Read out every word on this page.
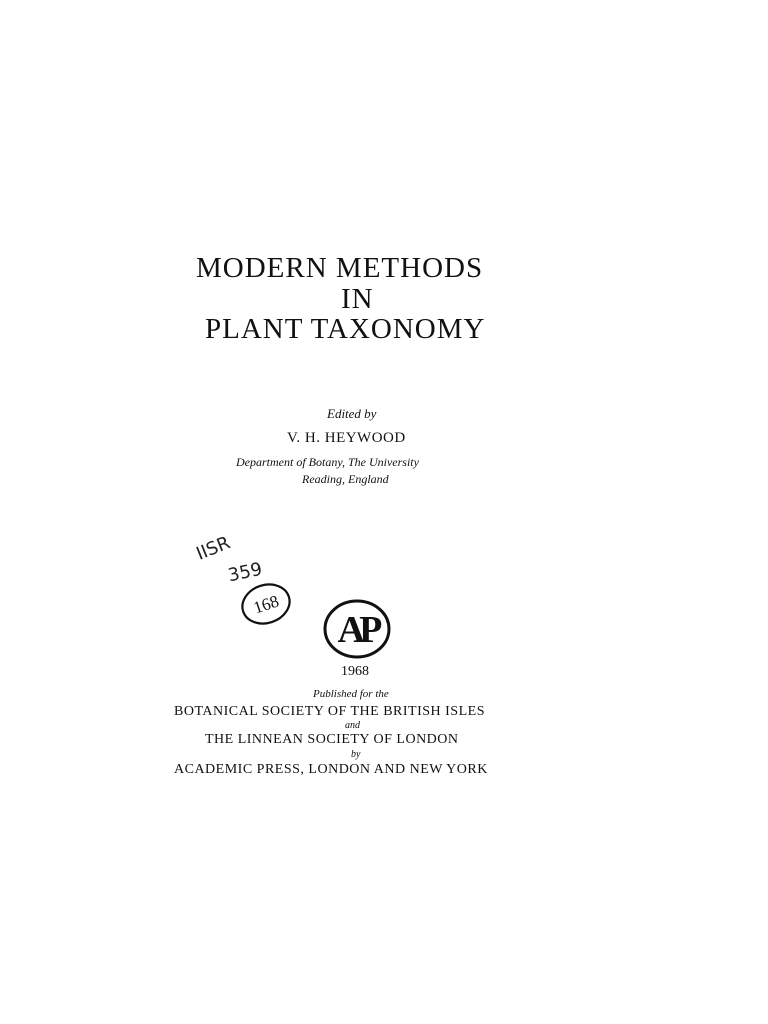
MODERN METHODS
IN
PLANT TAXONOMY
Edited by
V. H. HEYWOOD
Department of Botany, The University
Reading, England
IISR
359
168
AP
1968
Published for the
BOTANICAL SOCIETY OF THE BRITISH ISLES
and
THE LINNEAN SOCIETY OF LONDON
by
ACADEMIC PRESS, LONDON AND NEW YORK
